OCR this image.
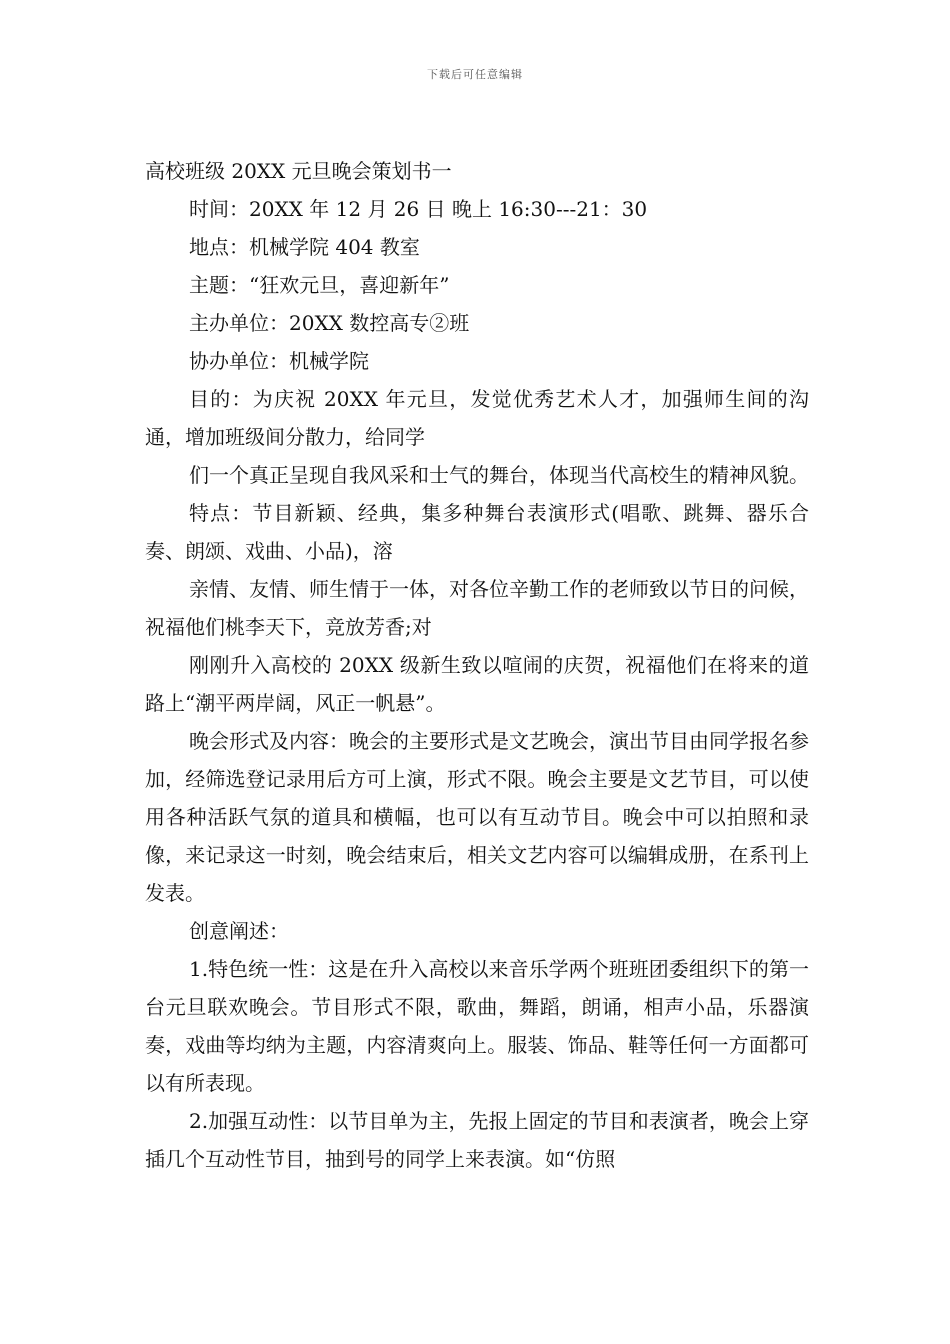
下载后可任意编辑
高校班级 20XX 元旦晚会策划书一

时间：20XX 年 12 月 26 日 晚上 16:30---21：30

地点：机械学院 404 教室

主题：“狂欢元旦，喜迎新年”

主办单位：20XX 数控高专②班

协办单位：机械学院

目的：为庆祝 20XX 年元旦，发觉优秀艺术人才，加强师生间的沟通，增加班级间分散力，给同学

们一个真正呈现自我风采和士气的舞台，体现当代高校生的精神风貌。

特点：节目新颖、经典，集多种舞台表演形式(唱歌、跳舞、器乐合奏、朗颂、戏曲、小品)，溶

亲情、友情、师生情于一体，对各位辛勤工作的老师致以节日的问候，祝福他们桃李天下，竞放芳香;对

刚刚升入高校的 20XX 级新生致以喧闹的庆贺，祝福他们在将来的道路上“潮平两岸阔，风正一帆悬”。

晚会形式及内容：晚会的主要形式是文艺晚会，演出节目由同学报名参加，经筛选登记录用后方可上演，形式不限。晚会主要是文艺节目，可以使用各种活跃气氛的道具和横幅，也可以有互动节目。晚会中可以拍照和录像，来记录这一时刻，晚会结束后，相关文艺内容可以编辑成册，在系刊上发表。

创意阐述：

1.特色统一性：这是在升入高校以来音乐学两个班班团委组织下的第一台元旦联欢晚会。节目形式不限，歌曲，舞蹈，朗诵，相声小品，乐器演奏，戏曲等均纳为主题，内容清爽向上。服装、饰品、鞋等任何一方面都可以有所表现。

2.加强互动性：以节目单为主，先报上固定的节目和表演者，晚会上穿插几个互动性节目，抽到号的同学上来表演。如“仿照
